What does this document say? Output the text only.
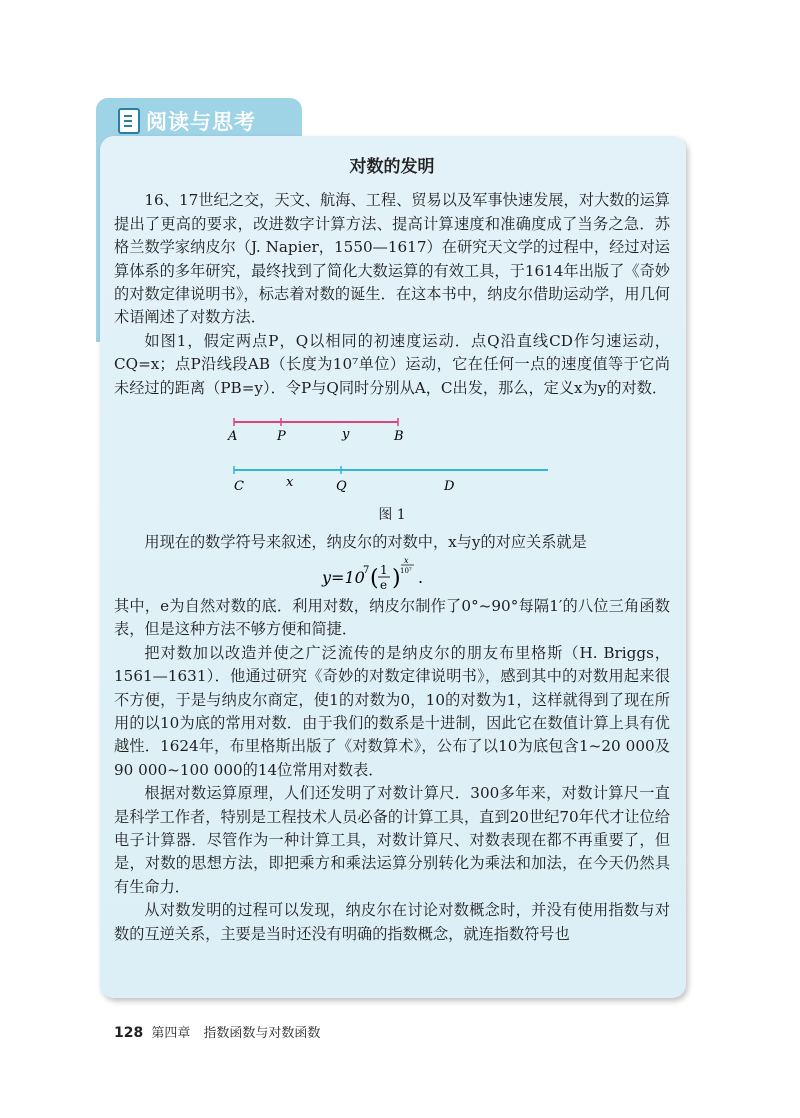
阅读与思考
对数的发明

16、17世纪之交，天文、航海、工程、贸易以及军事快速发展，对大数的运算提出了更高的要求，改进数字计算方法、提高计算速度和准确度成了当务之急．苏格兰数学家纳皮尔（J. Napier，1550—1617）在研究天文学的过程中，经过对运算体系的多年研究，最终找到了简化大数运算的有效工具，于1614年出版了《奇妙的对数定律说明书》，标志着对数的诞生．在这本书中，纳皮尔借助运动学，用几何术语阐述了对数方法．

如图1，假定两点P，Q以相同的初速度运动．点Q沿直线CD作匀速运动，CQ=x；点P沿线段AB（长度为10⁷单位）运动，它在任何一点的速度值等于它尚未经过的距离（PB=y）．令P与Q同时分别从A，C出发，那么，定义x为y的对数．

A	P	y	B
C	x	Q	D
图 1

用现在的数学符号来叙述，纳皮尔的对数中，x与y的对应关系就是

y=10
7 ( 1
e )
x
10⁷ .

其中，e为自然对数的底．利用对数，纳皮尔制作了0°~90°每隔1′的八位三角函数表，但是这种方法不够方便和简捷．

把对数加以改造并使之广泛流传的是纳皮尔的朋友布里格斯（H. Briggs，1561—1631）．他通过研究《奇妙的对数定律说明书》，感到其中的对数用起来很不方便，于是与纳皮尔商定，使1的对数为0，10的对数为1，这样就得到了现在所用的以10为底的常用对数．由于我们的数系是十进制，因此它在数值计算上具有优越性．1624年，布里格斯出版了《对数算术》，公布了以10为底包含1~20 000及90 000~100 000的14位常用对数表．

根据对数运算原理，人们还发明了对数计算尺．300多年来，对数计算尺一直是科学工作者，特别是工程技术人员必备的计算工具，直到20世纪70年代才让位给电子计算器．尽管作为一种计算工具，对数计算尺、对数表现在都不再重要了，但是，对数的思想方法，即把乘方和乘法运算分别转化为乘法和加法，在今天仍然具有生命力．

从对数发明的过程可以发现，纳皮尔在讨论对数概念时，并没有使用指数与对数的互逆关系，主要是当时还没有明确的指数概念，就连指数符号也

128 第四章　指数函数与对数函数
